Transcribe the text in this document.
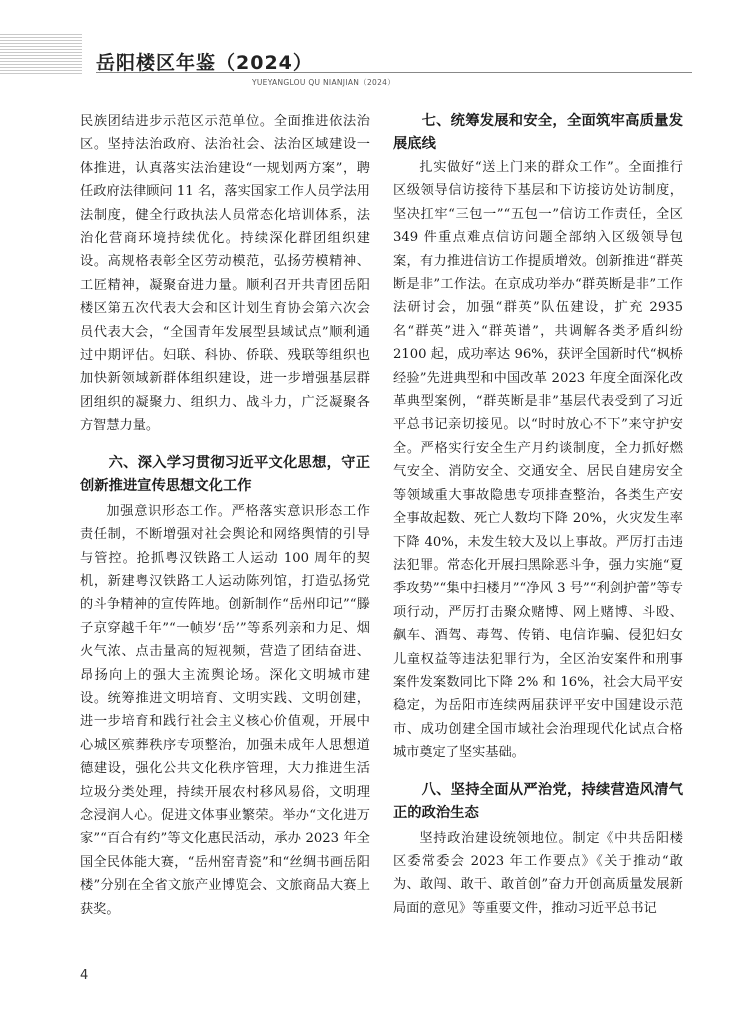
岳阳楼区年鉴（2024）
YUEYANGLOU QU NIANJIAN（2024）

民族团结进步示范区示范单位。全面推进依法治区。坚持法治政府、法治社会、法治区域建设一体推进，认真落实法治建设“一规划两方案”，聘任政府法律顾问 11 名，落实国家工作人员学法用法制度，健全行政执法人员常态化培训体系，法治化营商环境持续优化。持续深化群团组织建设。高规格表彰全区劳动模范，弘扬劳模精神、工匠精神，凝聚奋进力量。顺利召开共青团岳阳楼区第五次代表大会和区计划生育协会第六次会员代表大会，“全国青年发展型县域试点”顺利通过中期评估。妇联、科协、侨联、残联等组织也加快新领域新群体组织建设，进一步增强基层群团组织的凝聚力、组织力、战斗力，广泛凝聚各方智慧力量。

六、深入学习贯彻习近平文化思想，守正创新推进宣传思想文化工作

加强意识形态工作。严格落实意识形态工作责任制，不断增强对社会舆论和网络舆情的引导与管控。抢抓粤汉铁路工人运动 100 周年的契机，新建粤汉铁路工人运动陈列馆，打造弘扬党的斗争精神的宣传阵地。创新制作“岳州印记”“滕子京穿越千年”“一帧岁‘岳’”等系列亲和力足、烟火气浓、点击量高的短视频，营造了团结奋进、昂扬向上的强大主流舆论场。深化文明城市建设。统筹推进文明培育、文明实践、文明创建，进一步培育和践行社会主义核心价值观，开展中心城区殡葬秩序专项整治，加强未成年人思想道德建设，强化公共文化秩序管理，大力推进生活垃圾分类处理，持续开展农村移风易俗，文明理念浸润人心。促进文体事业繁荣。举办“文化进万家”“百合有约”等文化惠民活动，承办 2023 年全国全民体能大赛，“岳州窑青瓷”和“丝绸书画岳阳楼”分别在全省文旅产业博览会、文旅商品大赛上获奖。

七、统筹发展和安全，全面筑牢高质量发展底线

扎实做好“送上门来的群众工作”。全面推行区级领导信访接待下基层和下访接访处访制度，坚决扛牢“三包一”“五包一”信访工作责任，全区 349 件重点难点信访问题全部纳入区级领导包案，有力推进信访工作提质增效。创新推进“群英断是非”工作法。在京成功举办“群英断是非”工作法研讨会，加强“群英”队伍建设，扩充 2935 名“群英”进入“群英谱”，共调解各类矛盾纠纷 2100 起，成功率达 96%，获评全国新时代“枫桥经验”先进典型和中国改革 2023 年度全面深化改革典型案例，“群英断是非”基层代表受到了习近平总书记亲切接见。以“时时放心不下”来守护安全。严格实行安全生产月约谈制度，全力抓好燃气安全、消防安全、交通安全、居民自建房安全等领域重大事故隐患专项排查整治，各类生产安全事故起数、死亡人数均下降 20%，火灾发生率下降 40%，未发生较大及以上事故。严厉打击违法犯罪。常态化开展扫黑除恶斗争，强力实施“夏季攻势”“集中扫楼月”“净风 3 号”“利剑护蕾”等专项行动，严厉打击聚众赌博、网上赌博、斗殴、飙车、酒驾、毒驾、传销、电信诈骗、侵犯妇女儿童权益等违法犯罪行为，全区治安案件和刑事案件发案数同比下降 2% 和 16%，社会大局平安稳定，为岳阳市连续两届获评平安中国建设示范市、成功创建全国市域社会治理现代化试点合格城市奠定了坚实基础。

八、坚持全面从严治党，持续营造风清气正的政治生态

坚持政治建设统领地位。制定《中共岳阳楼区委常委会 2023 年工作要点》《关于推动“敢为、敢闯、敢干、敢首创”奋力开创高质量发展新局面的意见》等重要文件，推动习近平总书记

4
